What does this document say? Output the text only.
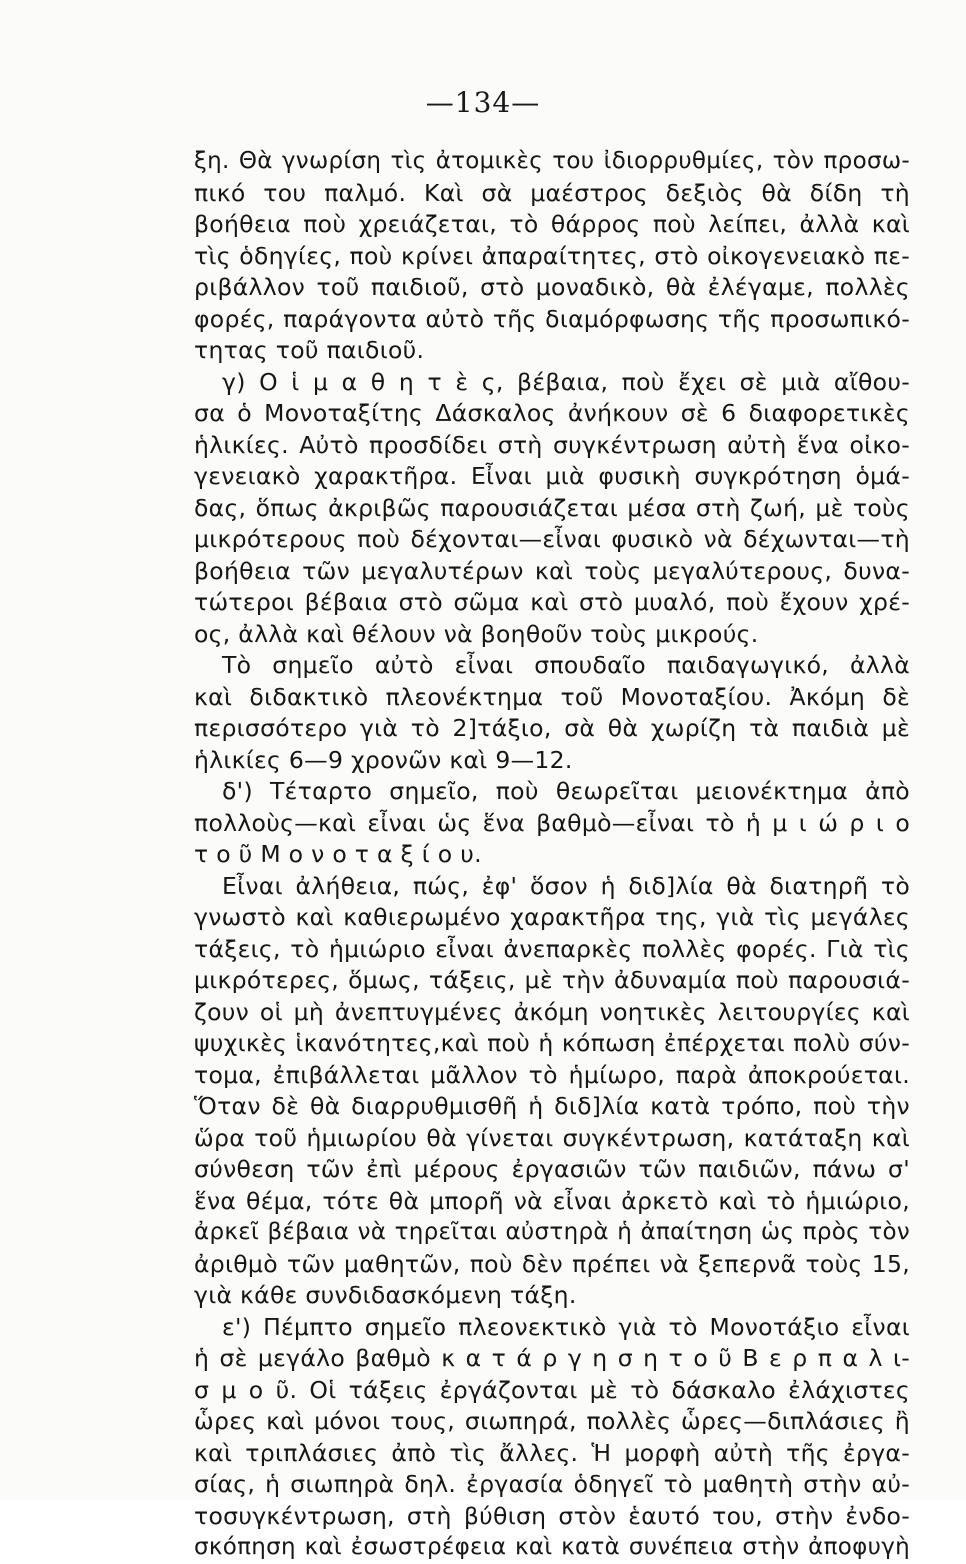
—134—
ξη. Θὰ γνωρίση τὶς ἀτομικὲς του ἰδιορρυθμίες, τὸν προσω-
πικό του παλμό. Καὶ σὰ μαέστρος δεξιὸς θὰ δίδη τὴ
βοήθεια ποὺ χρειάζεται, τὸ θάρρος ποὺ λείπει, ἀλλὰ καὶ
τὶς ὁδηγίες, ποὺ κρίνει ἀπαραίτητες, στὸ οἰκογενειακὸ πε-
ριβάλλον τοῦ παιδιοῦ, στὸ μοναδικὸ, θὰ ἐλέγαμε, πολλὲς
φορές, παράγοντα αὐτὸ τῆς διαμόρφωσης τῆς προσωπικό-
τητας τοῦ παιδιοῦ.
γ) Ο ἱ μ α θ η τ ὲ ς, βέβαια, ποὺ ἔχει σὲ μιὰ αἴθου-
σα ὁ Μονοταξίτης Δάσκαλος ἀνήκουν σὲ 6 διαφορετικὲς
ἡλικίες. Αὐτὸ προσδίδει στὴ συγκέντρωση αὐτὴ ἕνα οἰκο-
γενειακὸ χαρακτῆρα. Εἶναι μιὰ φυσικὴ συγκρότηση ὁμά-
δας, ὅπως ἀκριβῶς παρουσιάζεται μέσα στὴ ζωή, μὲ τοὺς
μικρότερους ποὺ δέχονται—εἶναι φυσικὸ νὰ δέχωνται—τὴ
βοήθεια τῶν μεγαλυτέρων καὶ τοὺς μεγαλύτερους, δυνα-
τώτεροι βέβαια στὸ σῶμα καὶ στὸ μυαλό, ποὺ ἔχουν χρέ-
ος, ἀλλὰ καὶ θέλουν νὰ βοηθοῦν τοὺς μικρούς.
Τὸ σημεῖο αὐτὸ εἶναι σπουδαῖο παιδαγωγικό, ἀλλὰ
καὶ διδακτικὸ πλεονέκτημα τοῦ Μονοταξίου. Ἀκόμη δὲ
περισσότερο γιὰ τὸ 2]τάξιο, σὰ θὰ χωρίζη τὰ παιδιὰ μὲ
ἡλικίες 6—9 χρονῶν καὶ 9—12.
δ') Τέταρτο σημεῖο, ποὺ θεωρεῖται μειονέκτημα ἀπὸ
πολλοὺς—καὶ εἶναι ὡς ἕνα βαθμὸ—εἶναι τὸ ἡ μ ι ώ ρ ι ο
τ ο ῦ Μ ο ν ο τ α ξ ί ο υ.
Εἶναι ἀλήθεια, πώς, ἐφ' ὅσον ἡ διδ]λία θὰ διατηρῆ τὸ
γνωστὸ καὶ καθιερωμένο χαρακτῆρα της, γιὰ τὶς μεγάλες
τάξεις, τὸ ἡμιώριο εἶναι ἀνεπαρκὲς πολλὲς φορές. Γιὰ τὶς
μικρότερες, ὅμως, τάξεις, μὲ τὴν ἀδυναμία ποὺ παρουσιά-
ζουν οἱ μὴ ἀνεπτυγμένες ἀκόμη νοητικὲς λειτουργίες καὶ
ψυχικὲς ἱκανότητες,καὶ ποὺ ἡ κόπωση ἐπέρχεται πολὺ σύν-
τομα, ἐπιβάλλεται μᾶλλον τὸ ἡμίωρο, παρὰ ἀποκρούεται.
Ὅταν δὲ θὰ διαρρυθμισθῆ ἡ διδ]λία κατὰ τρόπο, ποὺ τὴν
ὥρα τοῦ ἡμιωρίου θὰ γίνεται συγκέντρωση, κατάταξη καὶ
σύνθεση τῶν ἐπὶ μέρους ἐργασιῶν τῶν παιδιῶν, πάνω σ'
ἕνα θέμα, τότε θὰ μπορῆ νὰ εἶναι ἀρκετὸ καὶ τὸ ἡμιώριο,
ἀρκεῖ βέβαια νὰ τηρεῖται αὐστηρὰ ἡ ἀπαίτηση ὡς πρὸς τὸν
ἀριθμὸ τῶν μαθητῶν, ποὺ δὲν πρέπει νὰ ξεπερνᾶ τοὺς 15,
γιὰ κάθε συνδιδασκόμενη τάξη.
ε') Πέμπτο σημεῖο πλεονεκτικὸ γιὰ τὸ Μονοτάξιο εἶναι
ἡ σὲ μεγάλο βαθμὸ κ α τ ά ρ γ η σ η τ ο ῦ Β ε ρ π α λ ι-
σ μ ο ῦ. Οἱ τάξεις ἐργάζονται μὲ τὸ δάσκαλο ἐλάχιστες
ὧρες καὶ μόνοι τους, σιωπηρά, πολλὲς ὧρες—διπλάσιες ἢ
καὶ τριπλάσιες ἀπὸ τὶς ἄλλες. Ἡ μορφὴ αὐτὴ τῆς ἐργα-
σίας, ἡ σιωπηρὰ δηλ. ἐργασία ὁδηγεῖ τὸ μαθητὴ στὴν αὐ-
τοσυγκέντρωση, στὴ βύθιση στὸν ἑαυτό του, στὴν ἐνδο-
σκόπηση καὶ ἐσωστρέφεια καὶ κατὰ συνέπεια στὴν ἀποφυγὴ
